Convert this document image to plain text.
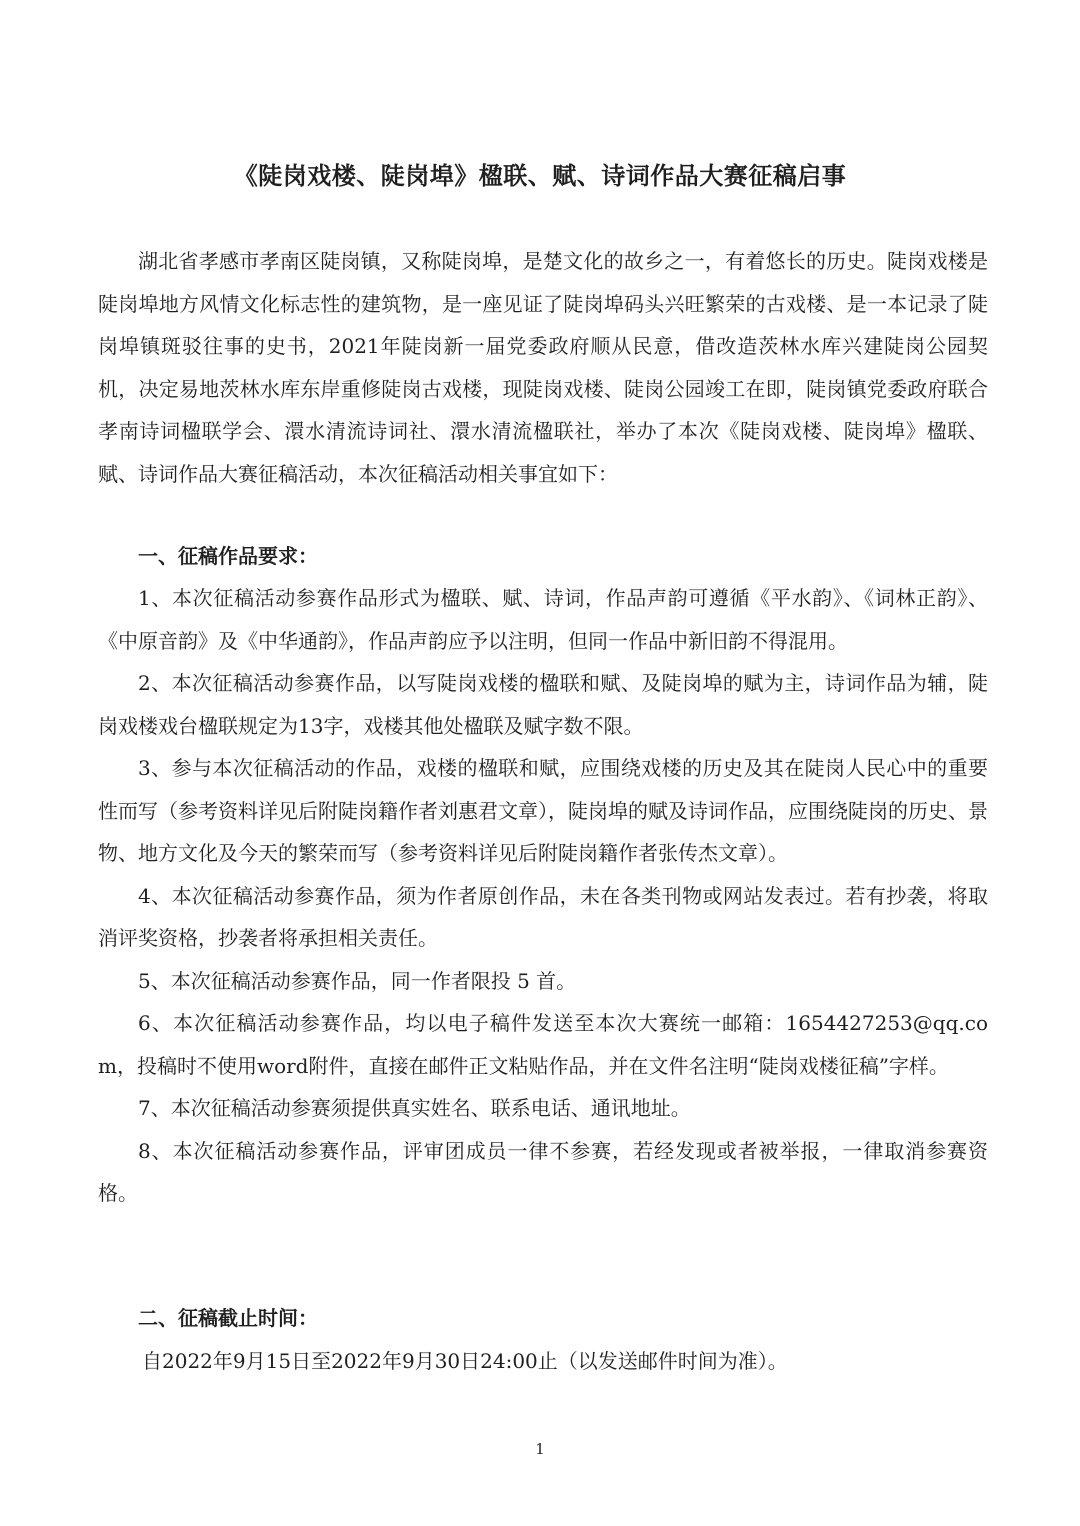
《陡岗戏楼、陡岗埠》楹联、赋、诗词作品大赛征稿启事
湖北省孝感市孝南区陡岗镇，又称陡岗埠，是楚文化的故乡之一，有着悠长的历史。陡岗戏楼是陡岗埠地方风情文化标志性的建筑物，是一座见证了陡岗埠码头兴旺繁荣的古戏楼、是一本记录了陡岗埠镇斑驳往事的史书，2021年陡岗新一届党委政府顺从民意，借改造茨林水库兴建陡岗公园契机，决定易地茨林水库东岸重修陡岗古戏楼，现陡岗戏楼、陡岗公园竣工在即，陡岗镇党委政府联合孝南诗词楹联学会、澴水清流诗词社、澴水清流楹联社，举办了本次《陡岗戏楼、陡岗埠》楹联、赋、诗词作品大赛征稿活动，本次征稿活动相关事宜如下：
一、征稿作品要求：
1、本次征稿活动参赛作品形式为楹联、赋、诗词，作品声韵可遵循《平水韵》、《词林正韵》、《中原音韵》及《中华通韵》，作品声韵应予以注明，但同一作品中新旧韵不得混用。
2、本次征稿活动参赛作品，以写陡岗戏楼的楹联和赋、及陡岗埠的赋为主，诗词作品为辅，陡岗戏楼戏台楹联规定为13字，戏楼其他处楹联及赋字数不限。
3、参与本次征稿活动的作品，戏楼的楹联和赋，应围绕戏楼的历史及其在陡岗人民心中的重要性而写（参考资料详见后附陡岗籍作者刘惠君文章），陡岗埠的赋及诗词作品，应围绕陡岗的历史、景物、地方文化及今天的繁荣而写（参考资料详见后附陡岗籍作者张传杰文章）。
4、本次征稿活动参赛作品，须为作者原创作品，未在各类刊物或网站发表过。若有抄袭，将取消评奖资格，抄袭者将承担相关责任。
5、本次征稿活动参赛作品，同一作者限投 5 首。
6、本次征稿活动参赛作品，均以电子稿件发送至本次大赛统一邮箱：1654427253@qq.com，投稿时不使用word附件，直接在邮件正文粘贴作品，并在文件名注明“陡岗戏楼征稿”字样。
7、本次征稿活动参赛须提供真实姓名、联系电话、通讯地址。
8、本次征稿活动参赛作品，评审团成员一律不参赛，若经发现或者被举报，一律取消参赛资格。
二、征稿截止时间：
自2022年9月15日至2022年9月30日24:00止（以发送邮件时间为准）。
1
